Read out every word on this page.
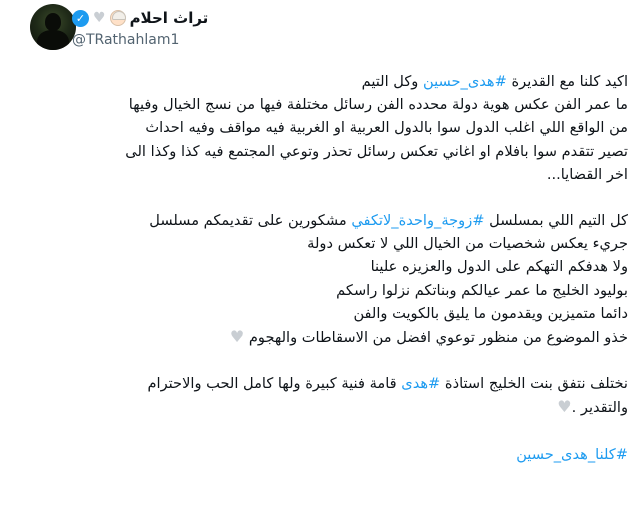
✓ ♥ تراث احلام
@TRathahlam1

اكيد كلنا مع القديرة #هدى_حسين وكل التيم

ما عمر الفن عكس هوية دولة محدده الفن رسائل مختلفة فيها من نسج الخيال وفيها

من الواقع اللي اغلب الدول سوا بالدول العربية او الغربية فيه مواقف وفيه احداث

تصير تتقدم سوا بافلام او اغاني تعكس رسائل تحذر وتوعي المجتمع فيه كذا وكذا الى

اخر القضايا...

كل التيم اللي بمسلسل #زوجة_واحدة_لاتكفي مشكورين على تقديمكم مسلسل

جريء يعكس شخصيات من الخيال اللي لا تعكس دولة

ولا هدفكم التهكم على الدول والعزيزه علينا

بوليود الخليج ما عمر عيالكم وبناتكم نزلوا راسكم

دائما متميزين ويقدمون ما يليق بالكويت والفن

خذو الموضوع من منظور توعوي افضل من الاسقاطات والهجوم ♥

نختلف نتفق بنت الخليج استاذة #هدى قامة فنية كبيرة ولها كامل الحب والاحترام

والتقدير .♥

#كلنا_هدى_حسين
